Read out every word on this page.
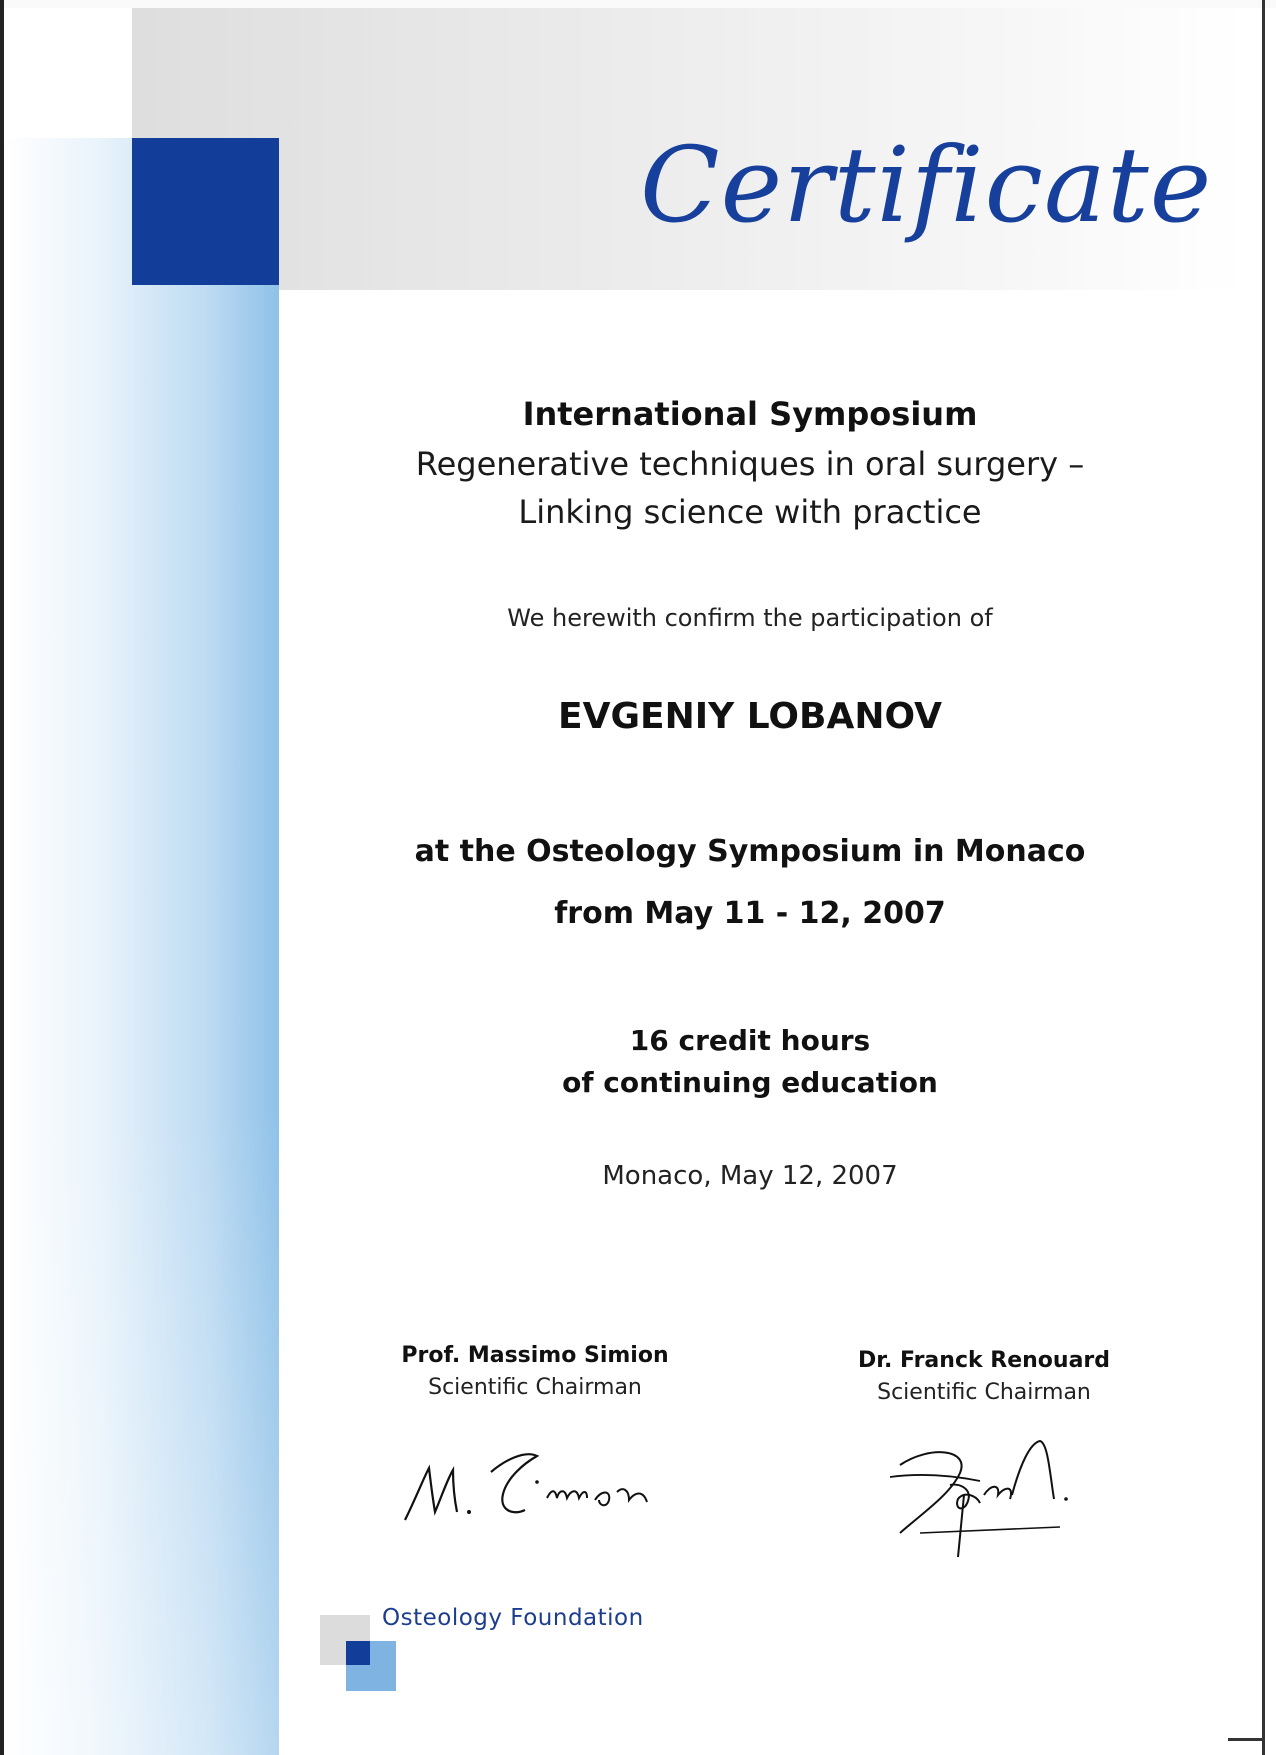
Certificate
International Symposium
Regenerative techniques in oral surgery –
Linking science with practice
We herewith confirm the participation of
EVGENIY LOBANOV
at the Osteology Symposium in Monaco
from May 11 - 12, 2007
16 credit hours
of continuing education
Monaco, May 12, 2007
Prof. Massimo Simion
Scientific Chairman
Dr. Franck Renouard
Scientific Chairman
Osteology Foundation
